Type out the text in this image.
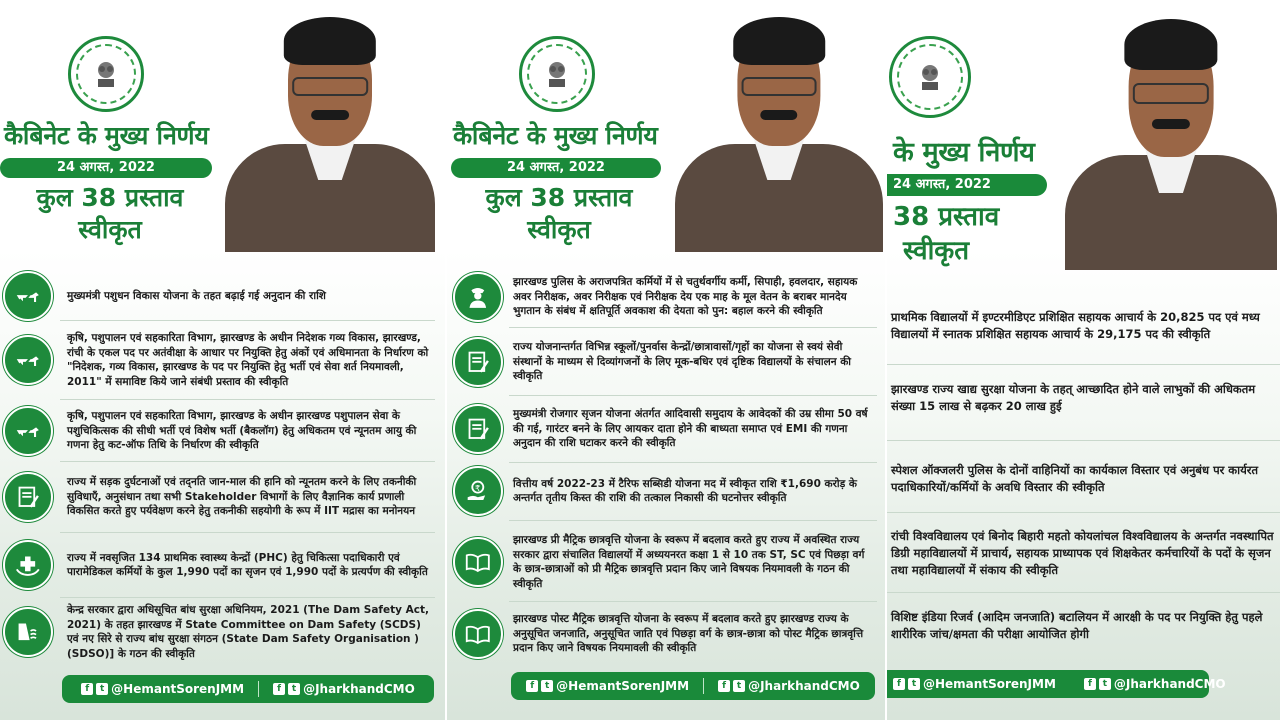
कैबिनेट के मुख्य निर्णय
24 अगस्त, 2022
कुल 38 प्रस्ताव
स्वीकृत
मुख्यमंत्री पशुधन विकास योजना के तहत बढ़ाई गई अनुदान की राशि
कृषि, पशुपालन एवं सहकारिता विभाग, झारखण्ड के अधीन निदेशक गव्य विकास, झारखण्ड, रांची के एकल पद पर अतंवीक्षा के आधार पर नियुक्ति हेतु अंकों एवं अधिमानता के निर्धारण को "निदेशक, गव्य विकास, झारखण्ड के पद पर नियुक्ति हेतु भर्ती एवं सेवा शर्त नियमावली, 2011" में समाविष्ट किये जाने संबंधी प्रस्ताव की स्वीकृति
कृषि, पशुपालन एवं सहकारिता विभाग, झारखण्ड के अधीन झारखण्ड पशुपालन सेवा के पशुचिकित्सक की सीधी भर्ती एवं विशेष भर्ती (बैकलॉग) हेतु अधिकतम एवं न्यूनतम आयु की गणना हेतु कट-ऑफ तिथि के निर्धारण की स्वीकृति
राज्य में सड़क दुर्घटनाओं एवं तद्नति जान-माल की हानि को न्यूनतम करने के लिए तकनीकी सुविधाएँ, अनुसंधान तथा सभी Stakeholder विभागों के लिए वैज्ञानिक कार्य प्रणाली विकसित करते हुए पर्यवेक्षण करने हेतु तकनीकी सहयोगी के रूप में IIT मद्रास का मनोनयन
राज्य में नवसृजित 134 प्राथमिक स्वास्थ्य केन्द्रों (PHC) हेतु चिकित्सा पदाधिकारी एवं पारामेडिकल कर्मियों के कुल 1,990 पदों का सृजन एवं 1,990 पदों के प्रत्यर्पण की स्वीकृति
केन्द्र सरकार द्वारा अधिसूचित बांध सुरक्षा अधिनियम, 2021 (The Dam Safety Act, 2021) के तहत झारखण्ड में State Committee on Dam Safety (SCDS) एवं नए सिरे से राज्य बांध सुरक्षा संगठन (State Dam Safety Organisation )(SDSO)] के गठन की स्वीकृति
f	t @HemantSorenJMM	f	t @JharkhandCMO
कैबिनेट के मुख्य निर्णय
24 अगस्त, 2022
कुल 38 प्रस्ताव
स्वीकृत
झारखण्ड पुलिस के अराजपत्रित कर्मियों में से चतुर्थवर्गीय कर्मी, सिपाही, हवलदार, सहायक अवर निरीक्षक, अवर निरीक्षक एवं निरीक्षक देय एक माह के मूल वेतन के बराबर मानदेय भुगतान के संबंध में क्षतिपूर्ति अवकाश की देयता को पुन: बहाल करने की स्वीकृति
राज्य योजनान्तर्गत विभिन्न स्कूलों/पुनर्वास केन्द्रों/छात्रावासों/गृहों का योजना से स्वयं सेवी संस्थानों के माध्यम से दिव्यांगजनों के लिए मूक-बधिर एवं दृष्टिक विद्यालयों के संचालन की स्वीकृति
मुख्यमंत्री रोजगार सृजन योजना अंतर्गत आदिवासी समुदाय के आवेदकों की उम्र सीमा 50 वर्ष की गई, गारंटर बनने के लिए आयकर दाता होने की बाध्यता समाप्त एवं EMI की गणना अनुदान की राशि घटाकर करने की स्वीकृति
₹	वित्तीय वर्ष 2022-23 में टैरिफ सब्सिडी योजना मद में स्वीकृत राशि ₹1,690 करोड़ के अन्तर्गत तृतीय किस्त की राशि की तत्काल निकासी की घटनोत्तर स्वीकृति
झारखण्ड प्री मैट्रिक छात्रवृत्ति योजना के स्वरूप में बदलाव करते हुए राज्य में अवस्थित राज्य सरकार द्वारा संचालित विद्यालयों में अध्ययनरत कक्षा 1 से 10 तक ST, SC एवं पिछड़ा वर्ग के छात्र-छात्राओं को प्री मैट्रिक छात्रवृत्ति प्रदान किए जाने विषयक नियमावली के गठन की स्वीकृति
झारखण्ड पोस्ट मैट्रिक छात्रवृत्ति योजना के स्वरूप में बदलाव करते हुए झारखण्ड राज्य के अनुसूचित जनजाति, अनुसूचित जाति एवं पिछड़ा वर्ग के छात्र-छात्रा को पोस्ट मैट्रिक छात्रवृत्ति प्रदान किए जाने विषयक नियमावली की स्वीकृति
f	t @HemantSorenJMM	f	t @JharkhandCMO
के मुख्य निर्णय
24 अगस्त, 2022
38 प्रस्ताव
स्वीकृत
प्राथमिक विद्यालयों में इण्टरमीडिएट प्रशिक्षित सहायक आचार्य के 20,825 पद एवं मध्य विद्यालयों में स्नातक प्रशिक्षित सहायक आचार्य के 29,175 पद की स्वीकृति
झारखण्ड राज्य खाद्य सुरक्षा योजना के तहत् आच्छादित होने वाले लाभुकों की अधिकतम संख्या 15 लाख से बढ़कर 20 लाख हुई
स्पेशल ऑक्जलरी पुलिस के दोनों वाहिनियों का कार्यकाल विस्तार एवं अनुबंध पर कार्यरत पदाधिकारियों/कर्मियों के अवधि विस्तार की स्वीकृति
रांची विश्वविद्यालय एवं बिनोद बिहारी महतो कोयलांचल विश्वविद्यालय के अन्तर्गत नवस्थापित डिग्री महाविद्यालयों में प्राचार्य, सहायक प्राध्यापक एवं शिक्षकेतर कर्मचारियों के पदों के सृजन तथा महाविद्यालयों में संकाय की स्वीकृति
विशिष्ट इंडिया रिजर्व (आदिम जनजाति) बटालियन में आरक्षी के पद पर नियुक्ति हेतु पहले शारीरिक जांच/क्षमता की परीक्षा आयोजित होगी
f	t @HemantSorenJMM	f	t @JharkhandCMO
